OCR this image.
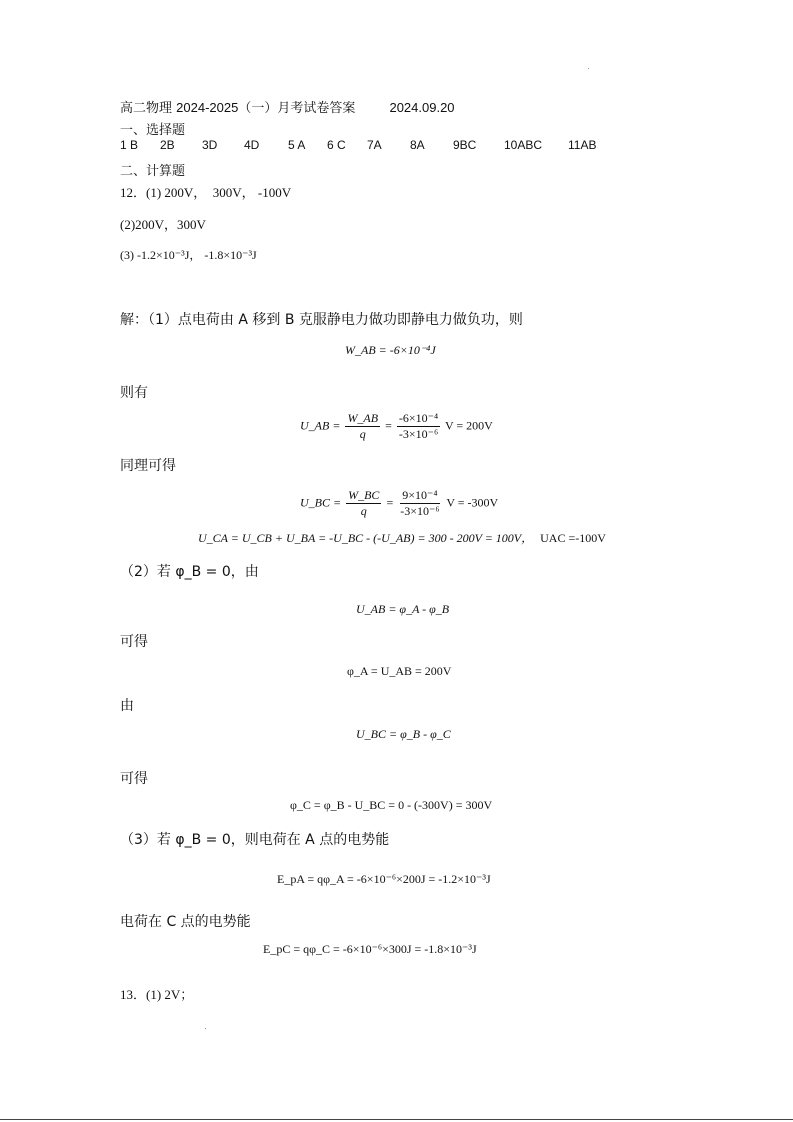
高二物理 2024-2025（一）月考试卷答案	2024.09.20
一、选择题
1 B 2B 3D 4D 5 A 6 C 7A 8A 9BC 10ABC 11AB
二、计算题
12．(1) 200V，　300V， -100V
(2)200V，300V
(3) -1.2×10⁻³J， -1.8×10⁻³J
解：（1）点电荷由 A 移到 B 克服静电力做功即静电力做负功，则
W_AB = -6×10⁻⁴J
则有
U_AB = $\frac{W\_AB}{q} = \frac{\text{-6×10⁻⁴}}{\text{-3×10⁻⁶}}$ V = 200V
同理可得
U_BC = $\frac{W\_BC}{q} = \frac{\text{9×10⁻⁴}}{\text{-3×10⁻⁶}}$ V = -300V
U_CA = U_CB + U_BA = -U_BC - (-U_AB) = 300 - 200V = 100V， UAC =-100V
（2）若 φ_B = 0，由
U_AB = φ_A - φ_B
可得
φ_A = U_AB = 200V
由
U_BC = φ_B - φ_C
可得
φ_C = φ_B - U_BC = 0 - (-300V) = 300V
（3）若 φ_B = 0，则电荷在 A 点的电势能
E_pA = qφ_A = -6×10⁻⁶×200J = -1.2×10⁻³J
电荷在 C 点的电势能
E_pC = qφ_C = -6×10⁻⁶×300J = -1.8×10⁻³J
13．(1) 2V；
